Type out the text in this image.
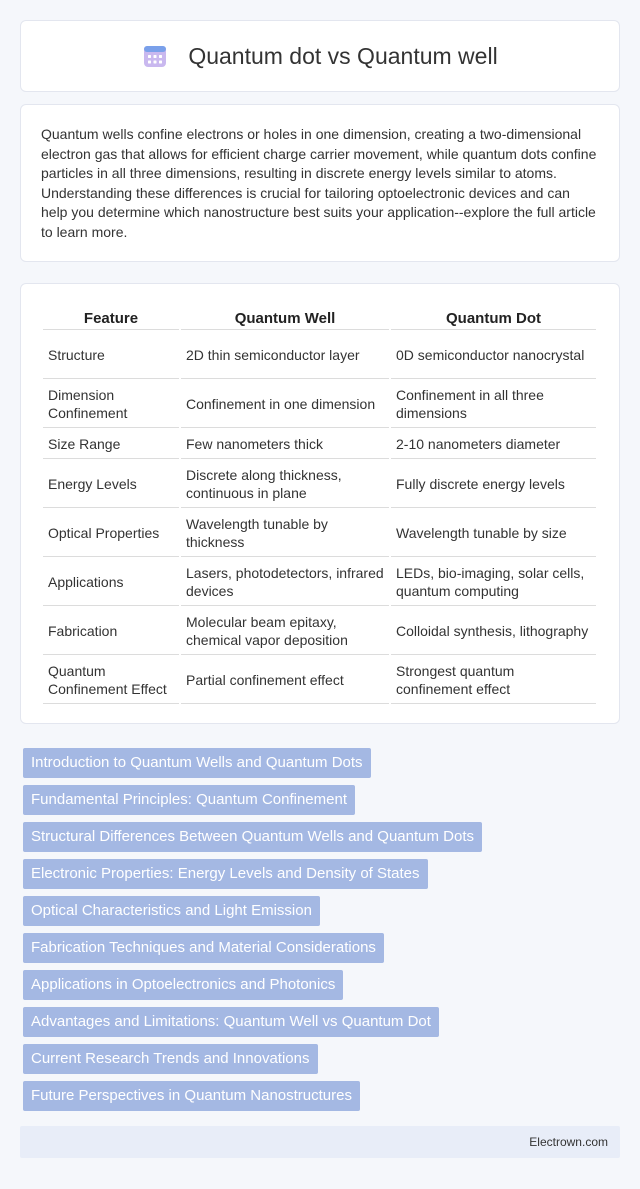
Quantum dot vs Quantum well

Quantum wells confine electrons or holes in one dimension, creating a two-dimensional electron gas that allows for efficient charge carrier movement, while quantum dots confine particles in all three dimensions, resulting in discrete energy levels similar to atoms. Understanding these differences is crucial for tailoring optoelectronic devices and can help you determine which nanostructure best suits your application--explore the full article to learn more.

Feature	Quantum Well	Quantum Dot
Structure	2D thin semiconductor layer	0D semiconductor nanocrystal
Dimension Confinement	Confinement in one dimension	Confinement in all three dimensions
Size Range	Few nanometers thick	2-10 nanometers diameter
Energy Levels	Discrete along thickness, continuous in plane	Fully discrete energy levels
Optical Properties	Wavelength tunable by thickness	Wavelength tunable by size
Applications	Lasers, photodetectors, infrared devices	LEDs, bio-imaging, solar cells, quantum computing
Fabrication	Molecular beam epitaxy, chemical vapor deposition	Colloidal synthesis, lithography
Quantum Confinement Effect	Partial confinement effect	Strongest quantum confinement effect
Introduction to Quantum Wells and Quantum Dots
Fundamental Principles: Quantum Confinement
Structural Differences Between Quantum Wells and Quantum Dots
Electronic Properties: Energy Levels and Density of States
Optical Characteristics and Light Emission
Fabrication Techniques and Material Considerations
Applications in Optoelectronics and Photonics
Advantages and Limitations: Quantum Well vs Quantum Dot
Current Research Trends and Innovations
Future Perspectives in Quantum Nanostructures
Electrown.com
